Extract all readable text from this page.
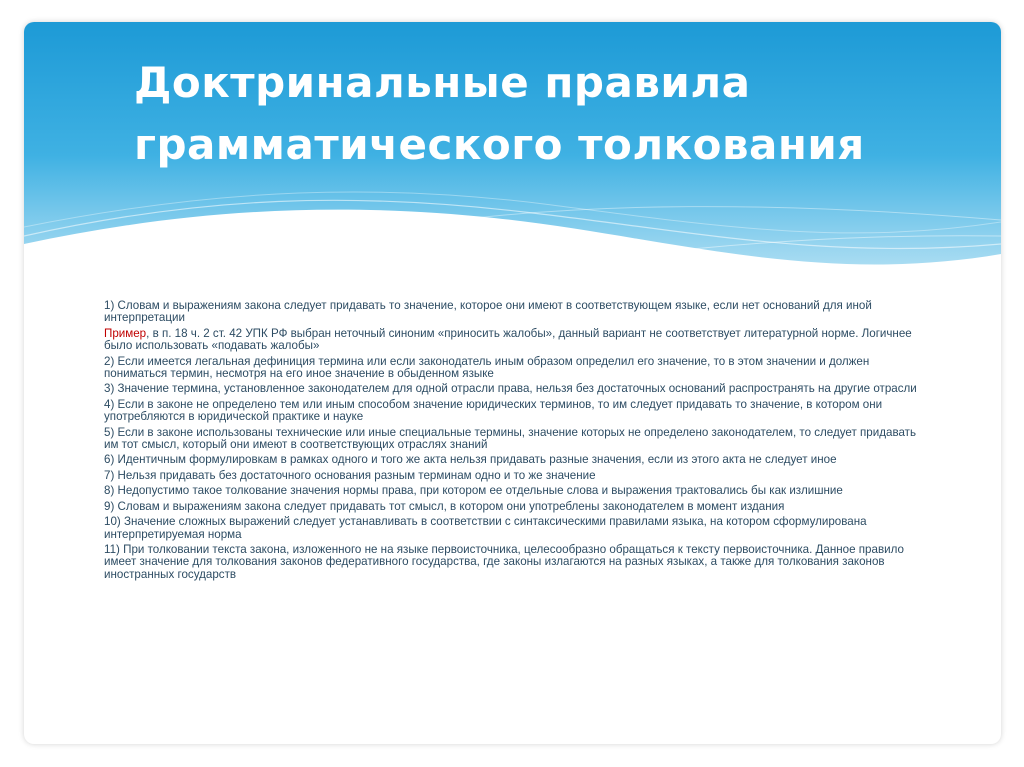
Доктринальные правила
грамматического толкования

1) Словам и выражениям закона следует придавать то значение, которое они имеют в соответствующем языке, если нет оснований для иной интерпретации

Пример, в п. 18 ч. 2 ст. 42 УПК РФ выбран неточный синоним «приносить жалобы», данный вариант не соответствует литературной норме. Логичнее было использовать «подавать жалобы»

2) Если имеется легальная дефиниция термина или если законодатель иным образом определил его значение, то в этом значении и должен пониматься термин, несмотря на его иное значение в обыденном языке

3) Значение термина, установленное законодателем для одной отрасли права, нельзя без достаточных оснований распространять на другие отрасли

4) Если в законе не определено тем или иным способом значение юридических терминов, то им следует придавать то значение, в котором они употребляются в юридической практике и науке

5) Если в законе использованы технические или иные специальные термины, значение которых не определено законодателем, то следует придавать им тот смысл, который они имеют в соответствующих отраслях знаний

6) Идентичным формулировкам в рамках одного и того же акта нельзя придавать разные значения, если из этого акта не следует иное

7) Нельзя придавать без достаточного основания разным терминам одно и то же значение

8) Недопустимо такое толкование значения нормы права, при котором ее отдельные слова и выражения трактовались бы как излишние

9) Словам и выражениям закона следует придавать тот смысл, в котором они употреблены законодателем в момент издания

10) Значение сложных выражений следует устанавливать в соответствии с синтаксическими правилами языка, на котором сформулирована интерпретируемая норма

11) При толковании текста закона, изложенного не на языке первоисточника, целесообразно обращаться к тексту первоисточника. Данное правило имеет значение для толкования законов федеративного государства, где законы излагаются на разных языках, а также для толкования законов иностранных государств
